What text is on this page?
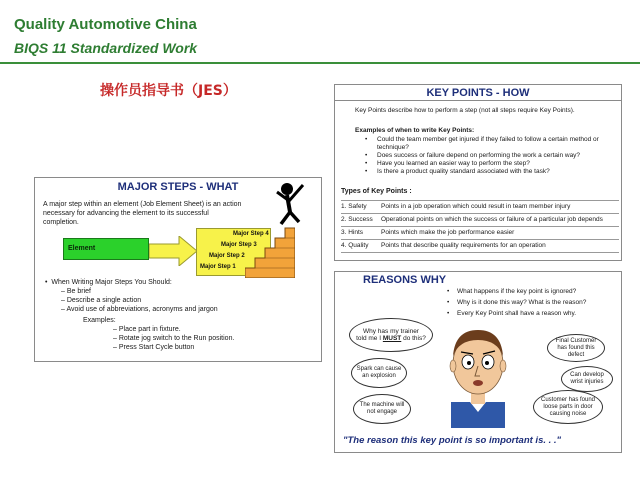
Quality Automotive China
BIQS 11 Standardized Work
操作员指导书（JES）
MAJOR STEPS - WHAT
A major step within an element (Job Element Sheet) is an action necessary for advancing the element to its successful completion.
Element
Major Step 4
Major Step 3
Major Step 2
Major Step 1
•  When Writing Major Steps You Should:
– Be brief
– Describe a single action
– Avoid use of abbreviations, acronyms and jargon
Examples:
– Place part in fixture.
– Rotate jog switch to the Run position.
– Press Start Cycle button
KEY POINTS - HOW
Key Points describe how to perform a step (not all steps require Key Points).
Examples of when to write Key Points:
• Could the team member get injured if they failed to follow a certain method or technique?
• Does success or failure depend on performing the work a certain way?
• Have you learned an easier way to perform the step?
• Is there a product quality standard associated with the task?
Types of Key Points :
1. Safety	Points in a job operation which could result in team member injury
2. Success	Operational points on which the success or failure of a particular job depends
3. Hints	Points which make the job performance easier
4. Quality	Points that describe quality requirements for an operation
REASONS WHY
• What happens if the key point is ignored?
• Why is it done this way? What is the reason?
• Every Key Point shall have a reason why.
Why has my trainer
told me I MUST do this?
Spark can cause an explosion
The machine will not engage
Final Customer has found this defect
Can develop wrist injuries
Customer has found loose parts in door causing noise
"The reason this key point is so important is. . ."
